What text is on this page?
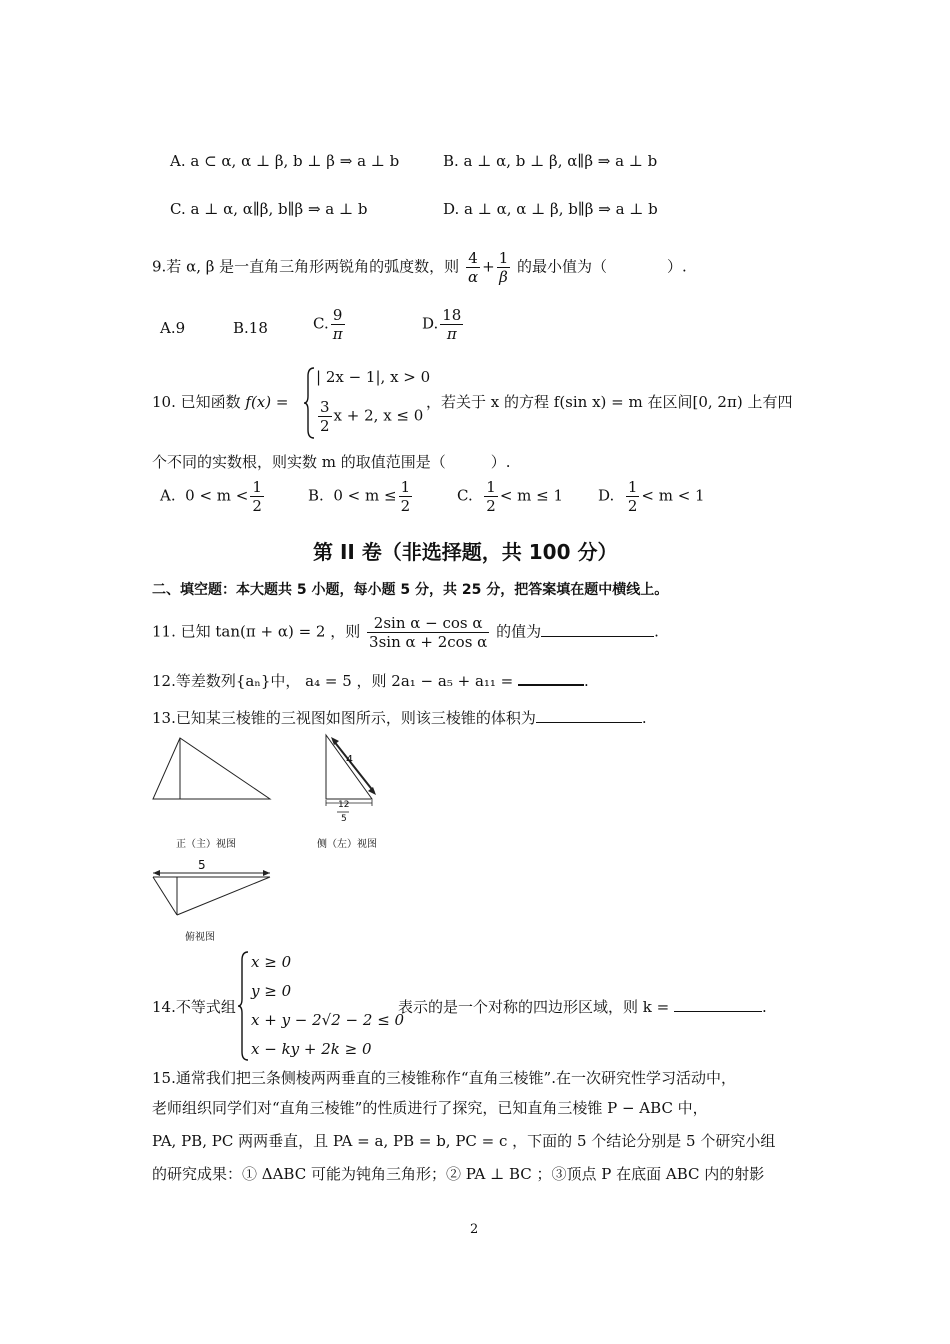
A. a ⊂ α, α ⊥ β, b ⊥ β ⇒ a ⊥ b	B. a ⊥ α, b ⊥ β, α∥β ⇒ a ⊥ b
C. a ⊥ α, α∥β, b∥β ⇒ a ⊥ b	D. a ⊥ α, α ⊥ β, b∥β ⇒ a ⊥ b
9.若 α, β 是一直角三角形两锐角的弧度数，则 $\frac{4}{\alpha} + \frac{1}{\beta}$ 的最小值为（　　　　）.
A.9	B.18	C. $\frac{9}{\pi}$	D. $\frac{18}{\pi}$
10. 已知函数 f(x) =
| 2x − 1|, x > 0
$\frac{3}{2}$ x + 2, x ≤ 0
，若关于 x 的方程 f(sin x) = m 在区间[0, 2π) 上有四
个不同的实数根，则实数 m 的取值范围是（　　　）.
A. $0 < m < \frac{1}{2}$	B. $0 < m \le \frac{1}{2}$	C. $\frac{1}{2} < m \le 1$ D. $\frac{1}{2} < m < 1$
第 II 卷（非选择题，共 100 分）
二、填空题：本大题共 5 小题，每小题 5 分，共 25 分，把答案填在题中横线上。
11. 已知 tan(π + α) = 2 ，则 $\frac{\text{2sin α − cos α}}{\text{3sin α + 2cos α}}$ 的值为	.
12.等差数列{aₙ}中， a₄ = 5 ，则 2a₁ − a₅ + a₁₁ =	.
13.已知某三棱锥的三视图如图所示，则该三棱锥的体积为	.
正（主）视图
4
12
5
侧（左）视图
5
俯视图
14.不等式组
x ≥ 0
y ≥ 0
x + y − 2√2 − 2 ≤ 0
x − ky + 2k ≥ 0
表示的是一个对称的四边形区域，则 k =	.
15.通常我们把三条侧棱两两垂直的三棱锥称作“直角三棱锥”.在一次研究性学习活动中，
老师组织同学们对“直角三棱锥”的性质进行了探究，已知直角三棱锥 P − ABC 中，
PA, PB, PC 两两垂直，且 PA = a, PB = b, PC = c ，下面的 5 个结论分别是 5 个研究小组
的研究成果：① ΔABC 可能为钝角三角形；② PA ⊥ BC ；③顶点 P 在底面 ABC 内的射影
2
